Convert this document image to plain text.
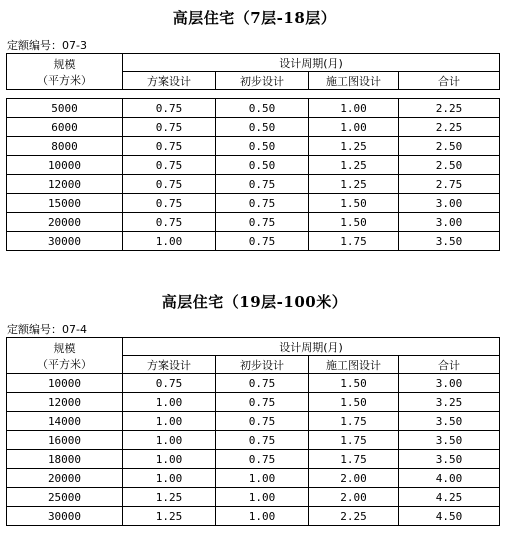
高层住宅（7层-18层）
定额编号：07-3
规模
（平方米）	设计周期(月)			
	方案设计	初步设计	施工图设计	合计

5000	0.75	0.50	1.00	2.25
6000	0.75	0.50	1.00	2.25
8000	0.75	0.50	1.25	2.50
10000	0.75	0.50	1.25	2.50
12000	0.75	0.75	1.25	2.75
15000	0.75	0.75	1.50	3.00
20000	0.75	0.75	1.50	3.00
30000	1.00	0.75	1.75	3.50
高层住宅（19层-100米）
定额编号：07-4
规模
（平方米）	设计周期(月)			
	方案设计	初步设计	施工图设计	合计
10000	0.75	0.75	1.50	3.00
12000	1.00	0.75	1.50	3.25
14000	1.00	0.75	1.75	3.50
16000	1.00	0.75	1.75	3.50
18000	1.00	0.75	1.75	3.50
20000	1.00	1.00	2.00	4.00
25000	1.25	1.00	2.00	4.25
30000	1.25	1.00	2.25	4.50
